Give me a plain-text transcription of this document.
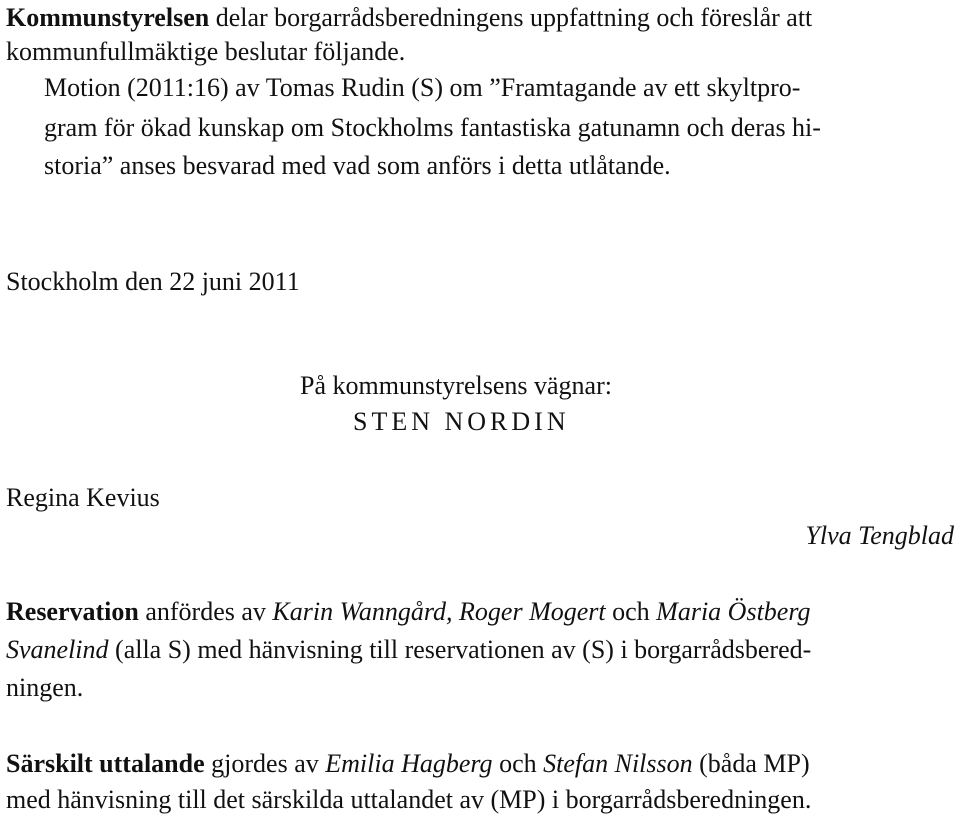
Kommunstyrelsen delar borgarrådsberedningens uppfattning och föreslår att
kommunfullmäktige beslutar följande.
Motion (2011:16) av Tomas Rudin (S) om ”Framtagande av ett skyltpro-
gram för ökad kunskap om Stockholms fantastiska gatunamn och deras hi-
storia” anses besvarad med vad som anförs i detta utlåtande.
Stockholm den 22 juni 2011
På kommunstyrelsens vägnar:
STEN NORDIN
Regina Kevius
Ylva Tengblad
Reservation anfördes av Karin Wanngård, Roger Mogert och Maria Östberg
Svanelind (alla S) med hänvisning till reservationen av (S) i borgarrådsbered-
ningen.
Särskilt uttalande gjordes av Emilia Hagberg och Stefan Nilsson (båda MP)
med hänvisning till det särskilda uttalandet av (MP) i borgarrådsberedningen.
